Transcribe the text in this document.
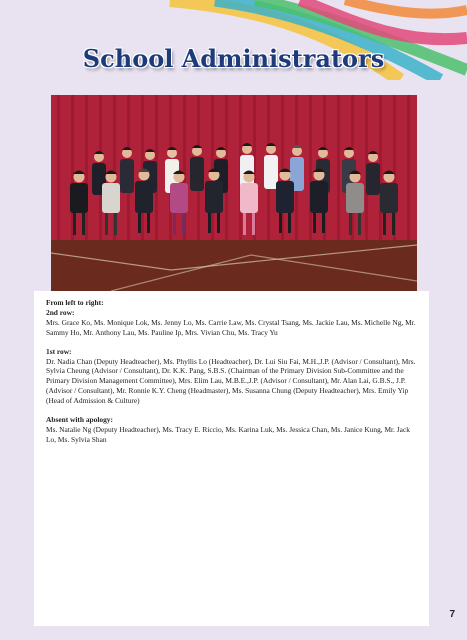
School Administrators

From left to right:

2nd row:

Mrs. Grace Ko, Ms. Monique Lok, Ms. Jenny Lo, Ms. Carrie Law, Ms. Crystal Tsang, Ms. Jackie Lau, Ms. Michelle Ng, Mr. Sammy Ho, Mr. Anthony Lau, Ms. Pauline Ip, Mrs. Vivian Chu, Ms. Tracy Yu

1st row:

Dr. Nadia Chan (Deputy Headteacher), Ms. Phyllis Lo (Headteacher), Dr. Lui Siu Fai, M.H.,J.P. (Advisor / Consultant), Mrs. Sylvia Cheung (Advisor / Consultant), Dr. K.K. Pang, S.B.S. (Chairman of the Primary Division Sub-Committee and the Primary Division Management Committee), Mrs. Elim Lau, M.B.E.,J.P. (Advisor / Consultant), Mr. Alan Lai, G.B.S., J.P. (Advisor / Consultant), Mr. Ronnie K.Y. Cheng (Headmaster), Ms. Susanna Chung (Deputy Headteacher), Mrs. Emily Yip (Head of Admission & Culture)

Absent with apology:

Ms. Natalie Ng (Deputy Headteacher), Ms. Tracy E. Riccio, Ms. Karina Luk, Ms. Jessica Chan, Ms. Janice Kung, Mr. Jack Lo, Ms. Sylvia Shan

7
